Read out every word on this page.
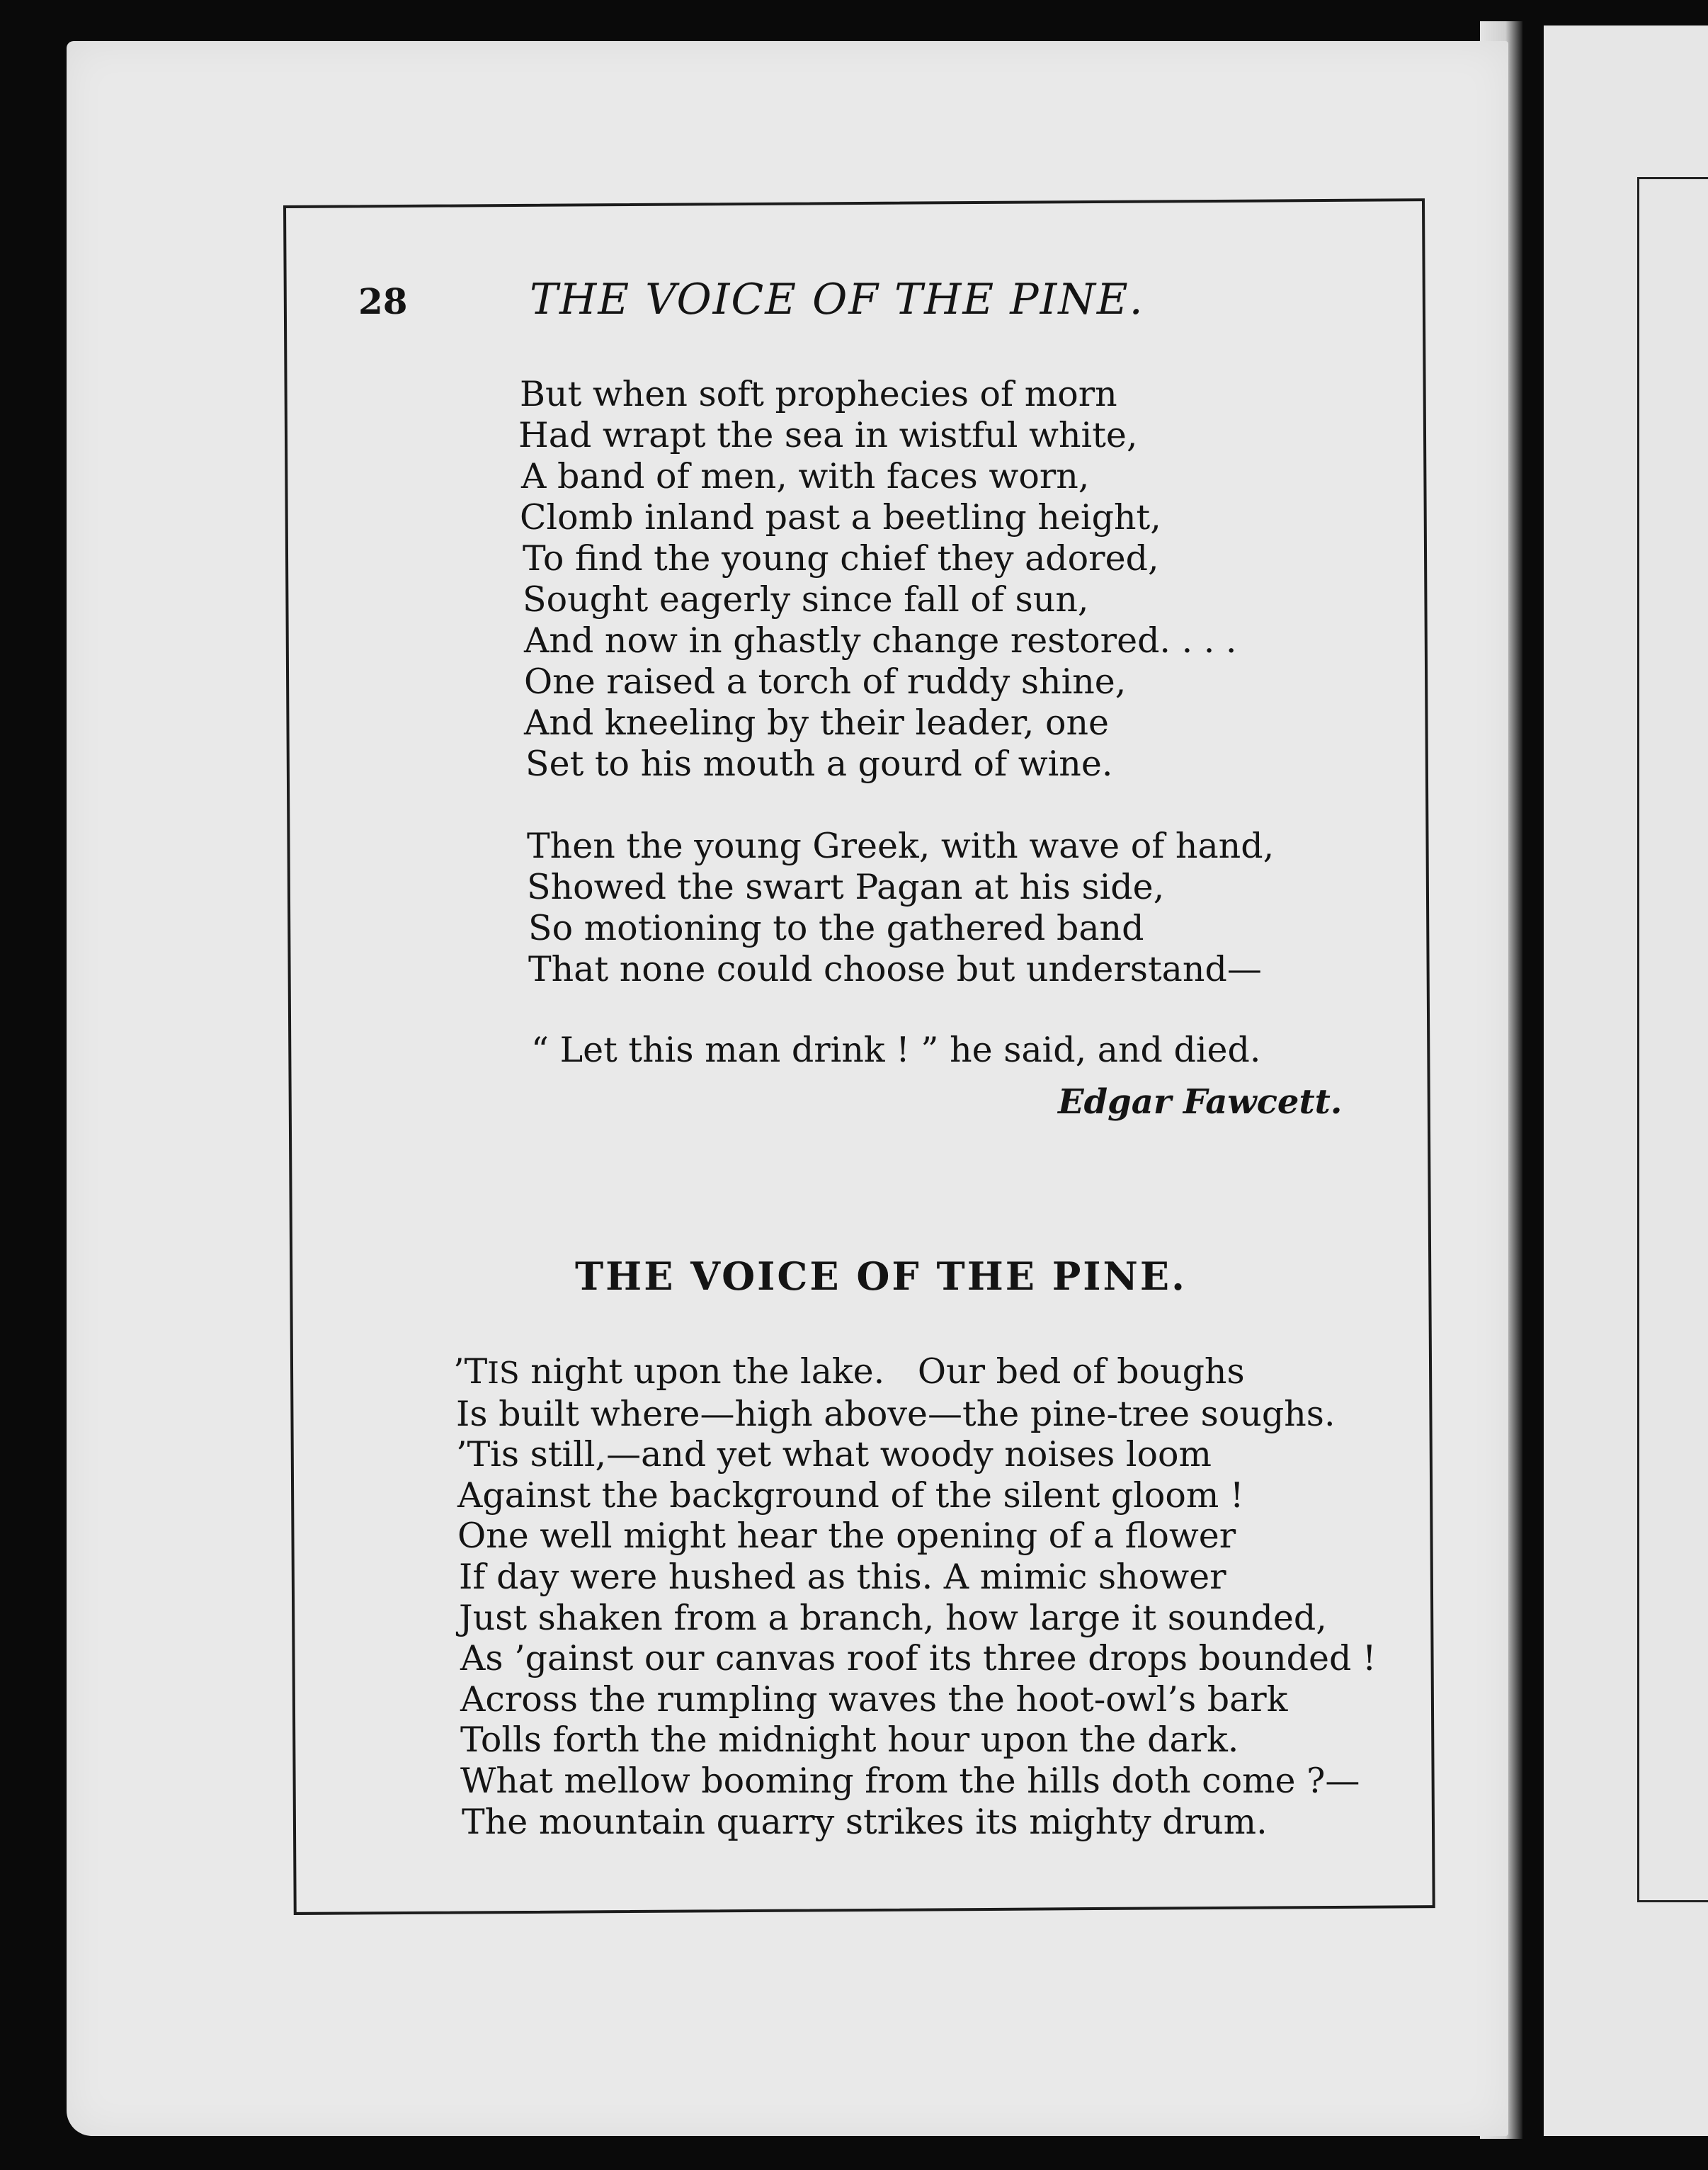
28	THE VOICE OF THE PINE.
But when soft prophecies of morn
Had wrapt the sea in wistful white,
A band of men, with faces worn,
Clomb inland past a beetling height,
To find the young chief they adored,
Sought eagerly since fall of sun,
And now in ghastly change restored. . . .
One raised a torch of ruddy shine,
And kneeling by their leader, one
Set to his mouth a gourd of wine.
Then the young Greek, with wave of hand,
Showed the swart Pagan at his side,
So motioning to the gathered band
That none could choose but understand—
“ Let this man drink ! ” he said, and died.
Edgar Fawcett.
THE VOICE OF THE PINE.
’TIS night upon the lake.   Our bed of boughs
Is built where—high above—the pine-tree soughs.
’Tis still,—and yet what woody noises loom
Against the background of the silent gloom !
One well might hear the opening of a flower
If day were hushed as this. A mimic shower
Just shaken from a branch, how large it sounded,
As ’gainst our canvas roof its three drops bounded !
Across the rumpling waves the hoot-owl’s bark
Tolls forth the midnight hour upon the dark.
What mellow booming from the hills doth come ?—
The mountain quarry strikes its mighty drum.
